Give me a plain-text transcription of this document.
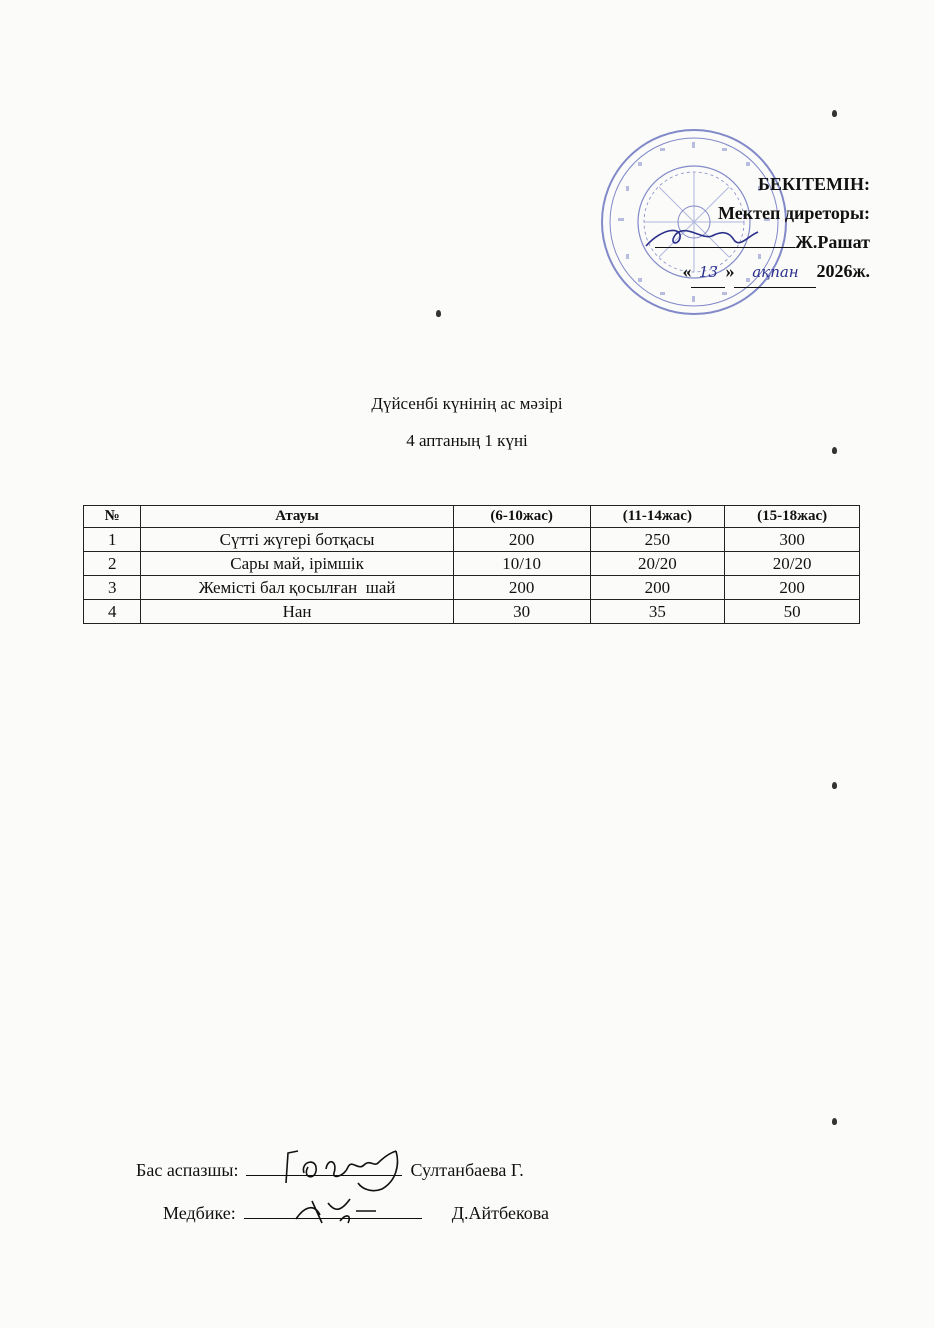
БЕКІТЕМІН:
Мектеп диреторы:
Ж.Рашат
« 13 » ақпан 2026ж.
Дүйсенбі күнінің ас мәзірі
4 аптаның 1 күні
№	Атауы	(6-10жас)	(11-14жас)	(15-18жас)
1	Сүтті жүгері ботқасы	200	250	300
2	Сары май, ірімшік	10/10	20/20	20/20
3	Жемісті бал қосылған  шай	200	200	200
4	Нан	30	35	50
Бас аспазшы:	Султанбаева Г.
Медбике:	Д.Айтбекова
